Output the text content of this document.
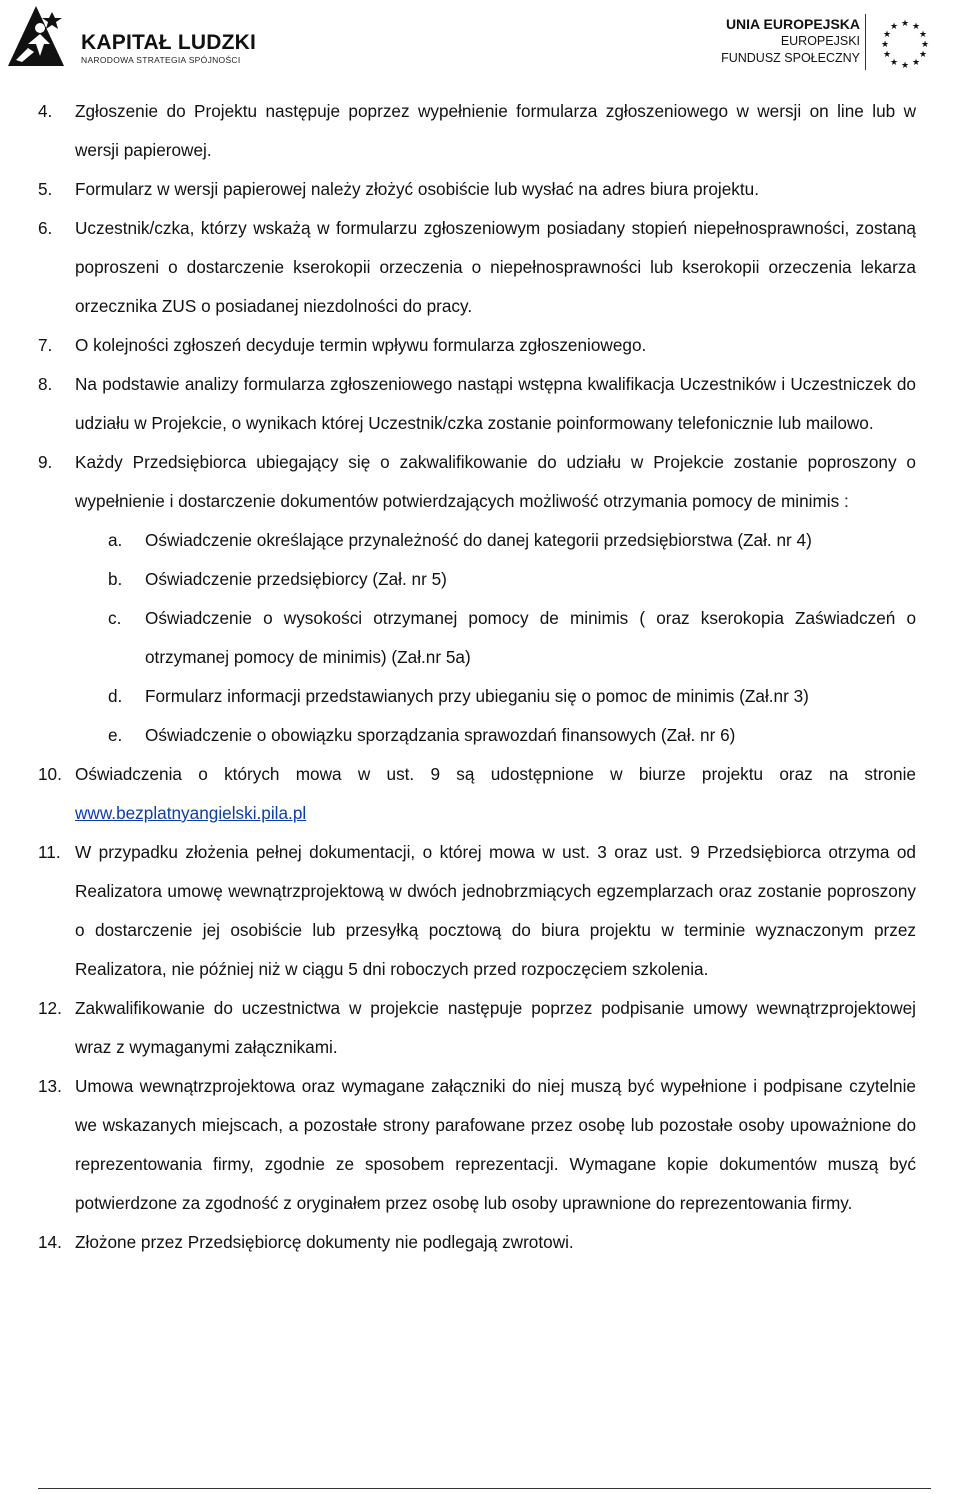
KAPITAŁ LUDZKI
NARODOWA STRATEGIA SPÓJNOŚCI
UNIA EUROPEJSKA
EUROPEJSKI
FUNDUSZ SPOŁECZNY
★ ★
★
★
★
★
★
★
★
★
★
★
4. Zgłoszenie do Projektu następuje poprzez wypełnienie formularza zgłoszeniowego w wersji on line lub w wersji papierowej.
5. Formularz w wersji papierowej należy złożyć osobiście lub wysłać na adres biura projektu.
6. Uczestnik/czka, którzy wskażą w formularzu zgłoszeniowym posiadany stopień niepełnosprawności, zostaną poproszeni o dostarczenie kserokopii orzeczenia o niepełnosprawności lub kserokopii orzeczenia lekarza orzecznika ZUS o posiadanej niezdolności do pracy.
7. O kolejności zgłoszeń decyduje termin wpływu formularza zgłoszeniowego.
8. Na podstawie analizy formularza zgłoszeniowego nastąpi wstępna kwalifikacja Uczestników i Uczestniczek do udziału w Projekcie, o wynikach której Uczestnik/czka zostanie poinformowany telefonicznie lub mailowo.
9. Każdy Przedsiębiorca ubiegający się o zakwalifikowanie do udziału w Projekcie zostanie poproszony o wypełnienie i dostarczenie dokumentów potwierdzających możliwość otrzymania pomocy de minimis :
a. Oświadczenie określające przynależność do danej kategorii przedsiębiorstwa (Zał. nr 4)
b. Oświadczenie przedsiębiorcy (Zał. nr 5)
c. Oświadczenie o wysokości otrzymanej pomocy de minimis ( oraz kserokopia Zaświadczeń o otrzymanej pomocy de minimis) (Zał.nr 5a)
d. Formularz informacji przedstawianych przy ubieganiu się o pomoc de minimis (Zał.nr 3)
e. Oświadczenie o obowiązku sporządzania sprawozdań finansowych (Zał. nr 6)
10. Oświadczenia o których mowa w ust. 9 są udostępnione w biurze projektu oraz na stronie www.bezplatnyangielski.pila.pl
11. W przypadku złożenia pełnej dokumentacji, o której mowa w ust. 3 oraz ust. 9 Przedsiębiorca otrzyma od Realizatora umowę wewnątrzprojektową w dwóch jednobrzmiących egzemplarzach oraz zostanie poproszony o dostarczenie jej osobiście lub przesyłką pocztową do biura projektu w terminie wyznaczonym przez Realizatora, nie później niż w ciągu 5 dni roboczych przed rozpoczęciem szkolenia.
12. Zakwalifikowanie do uczestnictwa w projekcie następuje poprzez podpisanie umowy wewnątrzprojektowej wraz z wymaganymi załącznikami.
13. Umowa wewnątrzprojektowa oraz wymagane załączniki do niej muszą być wypełnione i podpisane czytelnie we wskazanych miejscach, a pozostałe strony parafowane przez osobę lub pozostałe osoby upoważnione do reprezentowania firmy, zgodnie ze sposobem reprezentacji. Wymagane kopie dokumentów muszą być potwierdzone za zgodność z oryginałem przez osobę lub osoby uprawnione do reprezentowania firmy.
14. Złożone przez Przedsiębiorcę dokumenty nie podlegają zwrotowi.
